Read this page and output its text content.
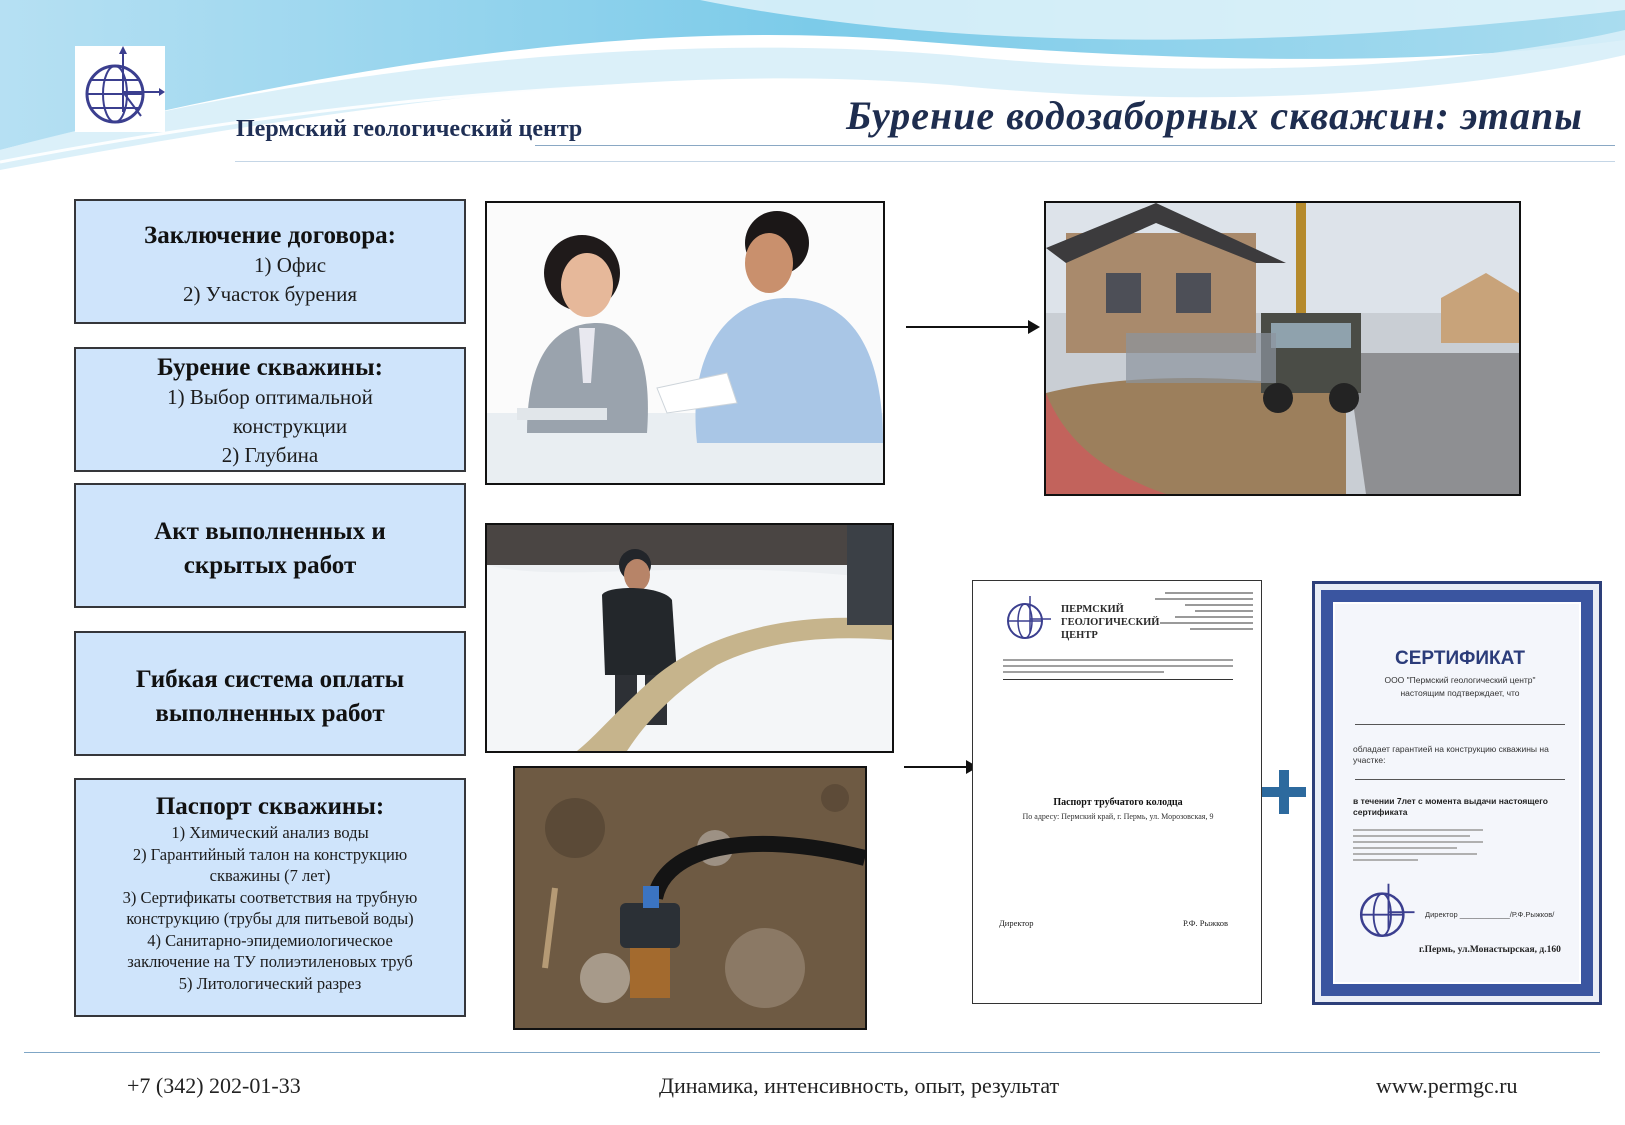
Пермский геологический центр	Бурение водозаборных скважин: этапы
Заключение договора:
1) Офис
2) Участок бурения
Бурение скважины:
1) Выбор оптимальной
конструкции
2) Глубина
Акт выполненных и
скрытых работ
Гибкая система оплаты
выполненных работ
Паспорт скважины:
1) Химический анализ воды
2) Гарантийный талон на конструкцию
скважины (7 лет)
3) Сертификаты соответствия на трубную
конструкцию (трубы для питьевой воды)
4) Санитарно-эпидемиологическое
заключение на ТУ полиэтиленовых труб
5) Литологический разрез
ПЕРМСКИЙ
ГЕОЛОГИЧЕСКИЙ
ЦЕНТР
Паспорт трубчатого колодца
По адресу: Пермский край, г. Пермь, ул. Морозовская, 9
Директор	Р.Ф. Рыжков
СЕРТИФИКАТ
ООО "Пермский геологический центр"
настоящим подтверждает, что
обладает гарантией на конструкцию скважины на участке:
в течении 7лет с момента выдачи настоящего сертификата
Директор ____________/Р.Ф.Рыжков/
г.Пермь, ул.Монастырская, д.160
+7 (342) 202-01-33	Динамика, интенсивность, опыт, результат	www.permgc.ru
